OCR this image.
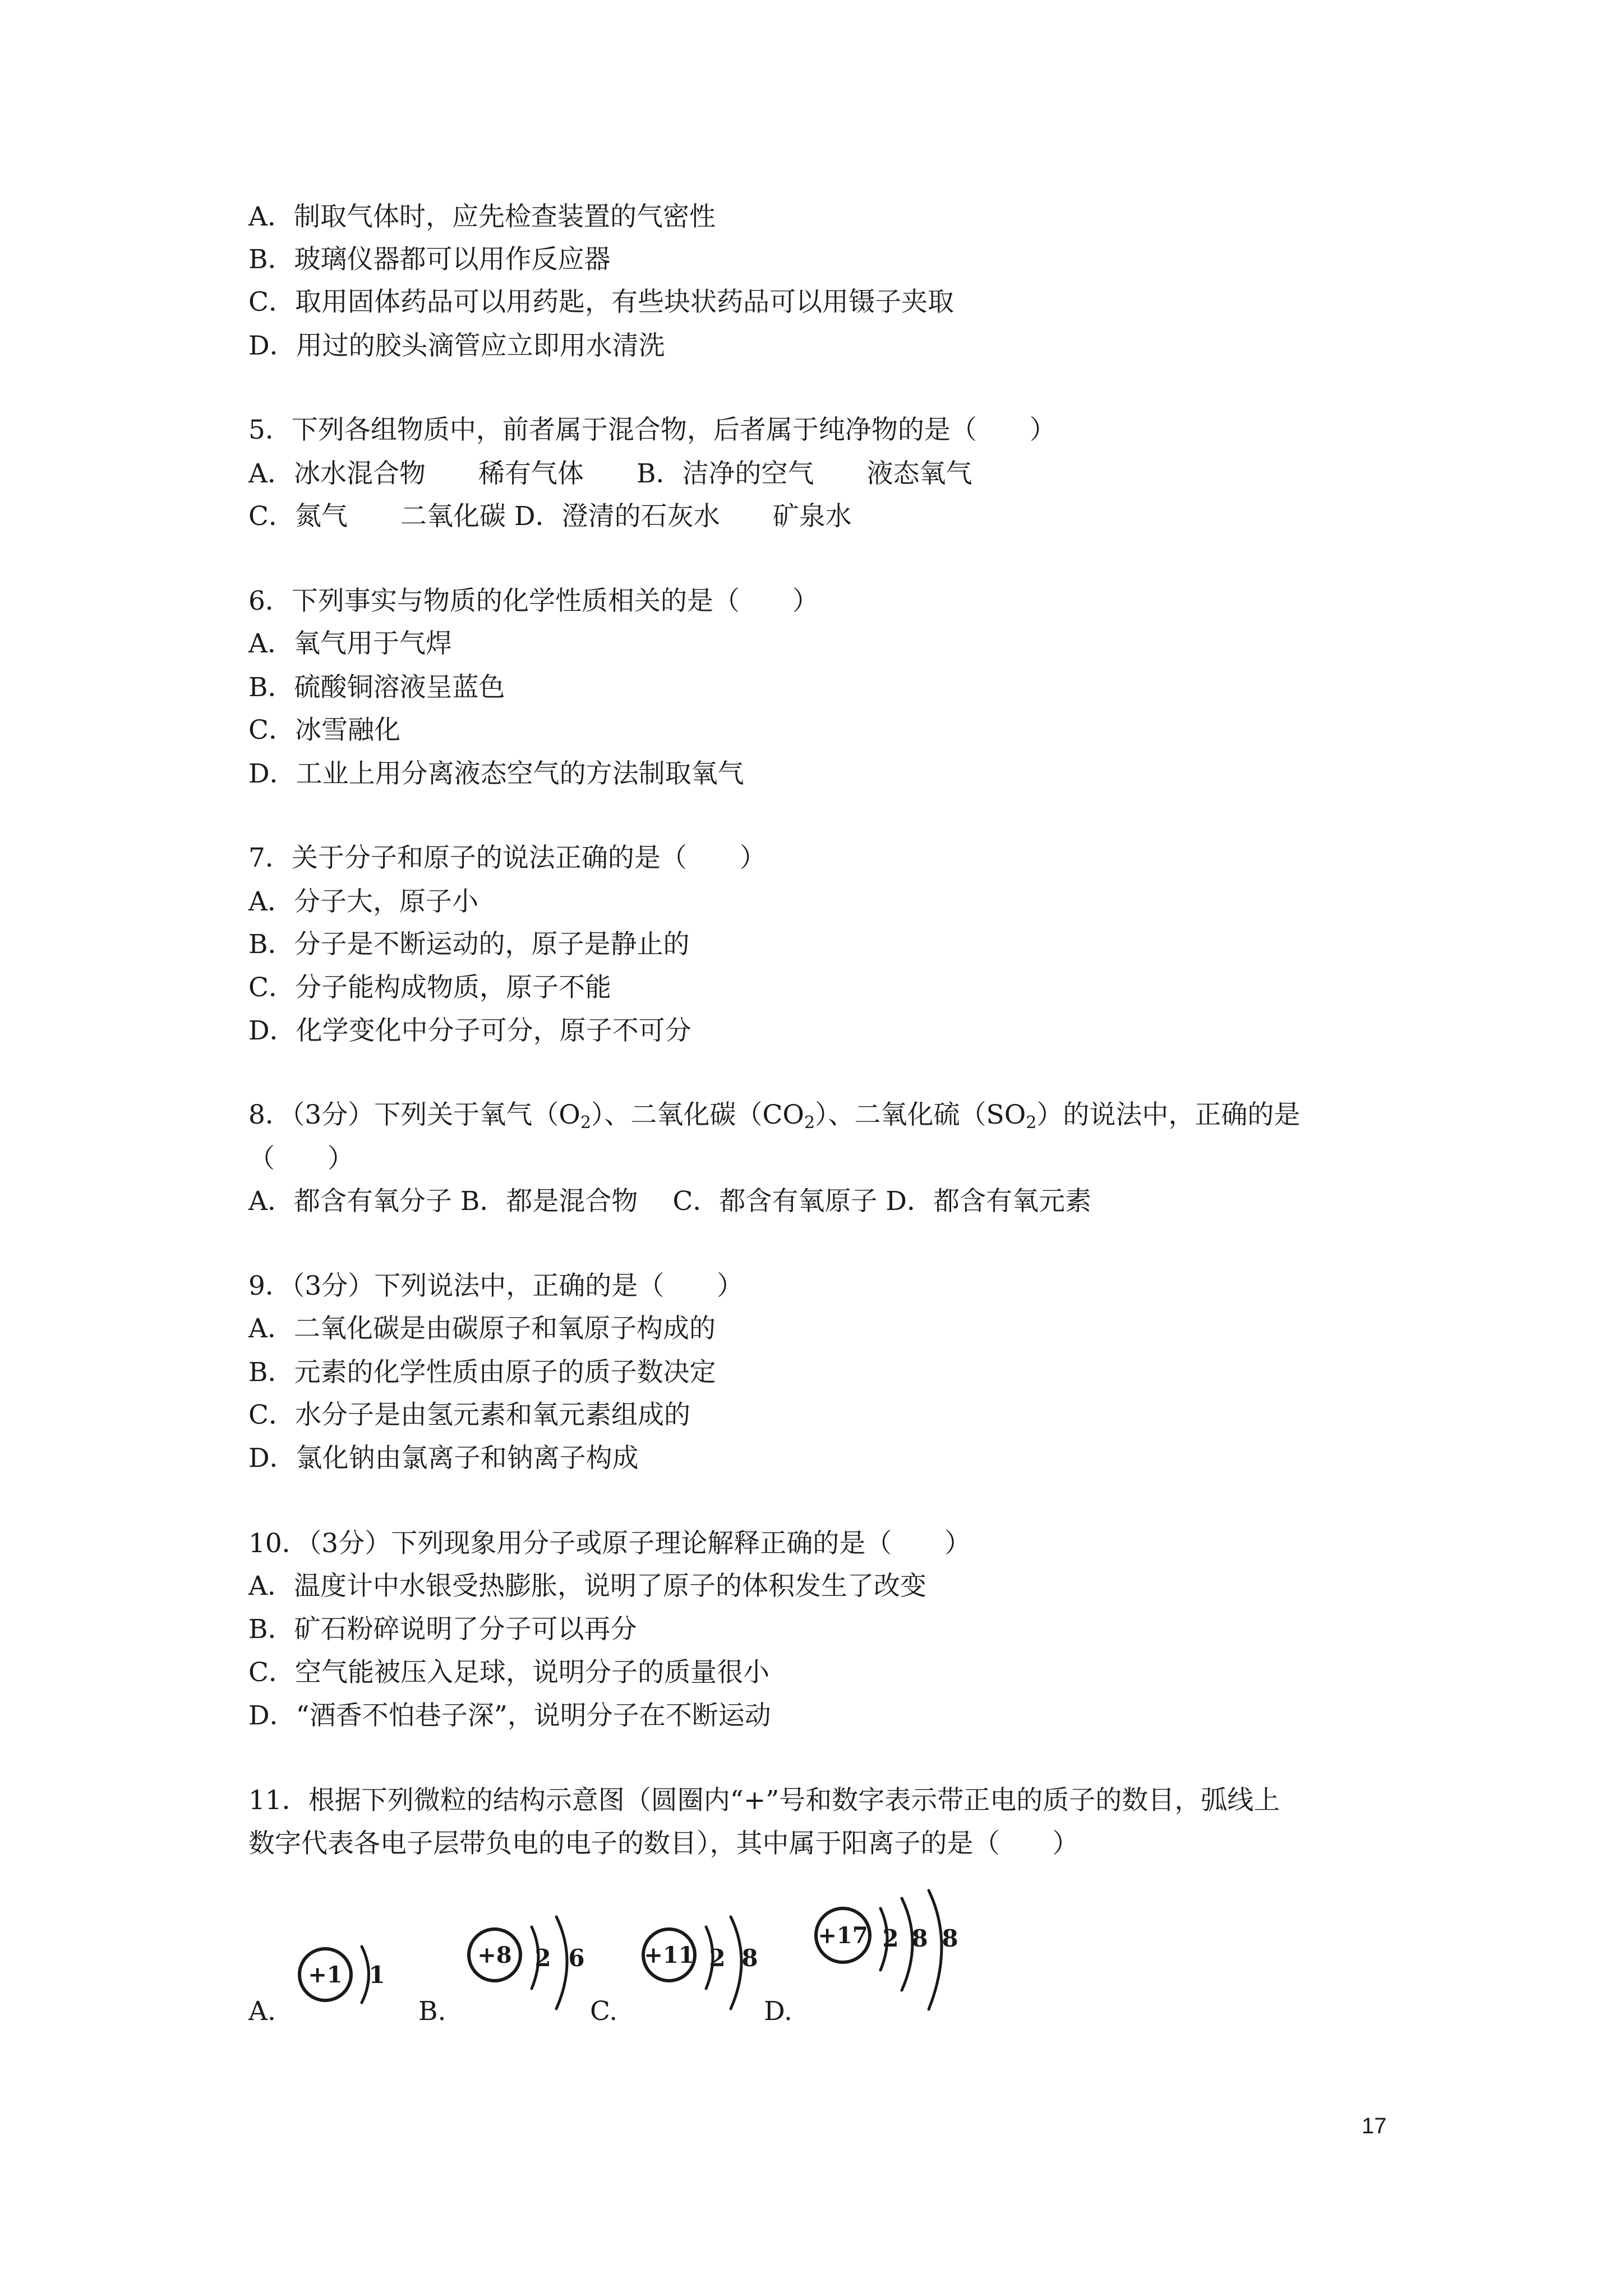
A．制取气体时，应先检查装置的气密性
B．玻璃仪器都可以用作反应器
C．取用固体药品可以用药匙，有些块状药品可以用镊子夹取
D．用过的胶头滴管应立即用水清洗
5．下列各组物质中，前者属于混合物，后者属于纯净物的是（　　）
A．冰水混合物　　稀有气体　　B．洁净的空气　　液态氧气
C．氮气　　二氧化碳 D．澄清的石灰水　　矿泉水
6．下列事实与物质的化学性质相关的是（　　）
A．氧气用于气焊
B．硫酸铜溶液呈蓝色
C．冰雪融化
D．工业上用分离液态空气的方法制取氧气
7．关于分子和原子的说法正确的是（　　）
A．分子大，原子小
B．分子是不断运动的，原子是静止的
C．分子能构成物质，原子不能
D．化学变化中分子可分，原子不可分
8．（3分）下列关于氧气$(O_2)$、二氧化碳$(CO_2)$、二氧化硫$(SO_2)$的说法中，正确的是
（　　）
A．都含有氧分子 B．都是混合物　 C．都含有氧原子 D．都含有氧元素
9．（3分）下列说法中，正确的是（　　）
A．二氧化碳是由碳原子和氧原子构成的
B．元素的化学性质由原子的质子数决定
C．水分子是由氢元素和氧元素组成的
D．氯化钠由氯离子和钠离子构成
10．（3分）下列现象用分子或原子理论解释正确的是（　　）
A．温度计中水银受热膨胀，说明了原子的体积发生了改变
B．矿石粉碎说明了分子可以再分
C．空气能被压入足球，说明分子的质量很小
D．“酒香不怕巷子深”，说明分子在不断运动
11．根据下列微粒的结构示意图（圆圈内“+”号和数字表示带正电的质子的数目，弧线上
数字代表各电子层带负电的电子的数目），其中属于阳离子的是（　　）
A.
+1 1
B.
+8 2 6
C.
+11 2 8
D.
+17 2 8 8
17
